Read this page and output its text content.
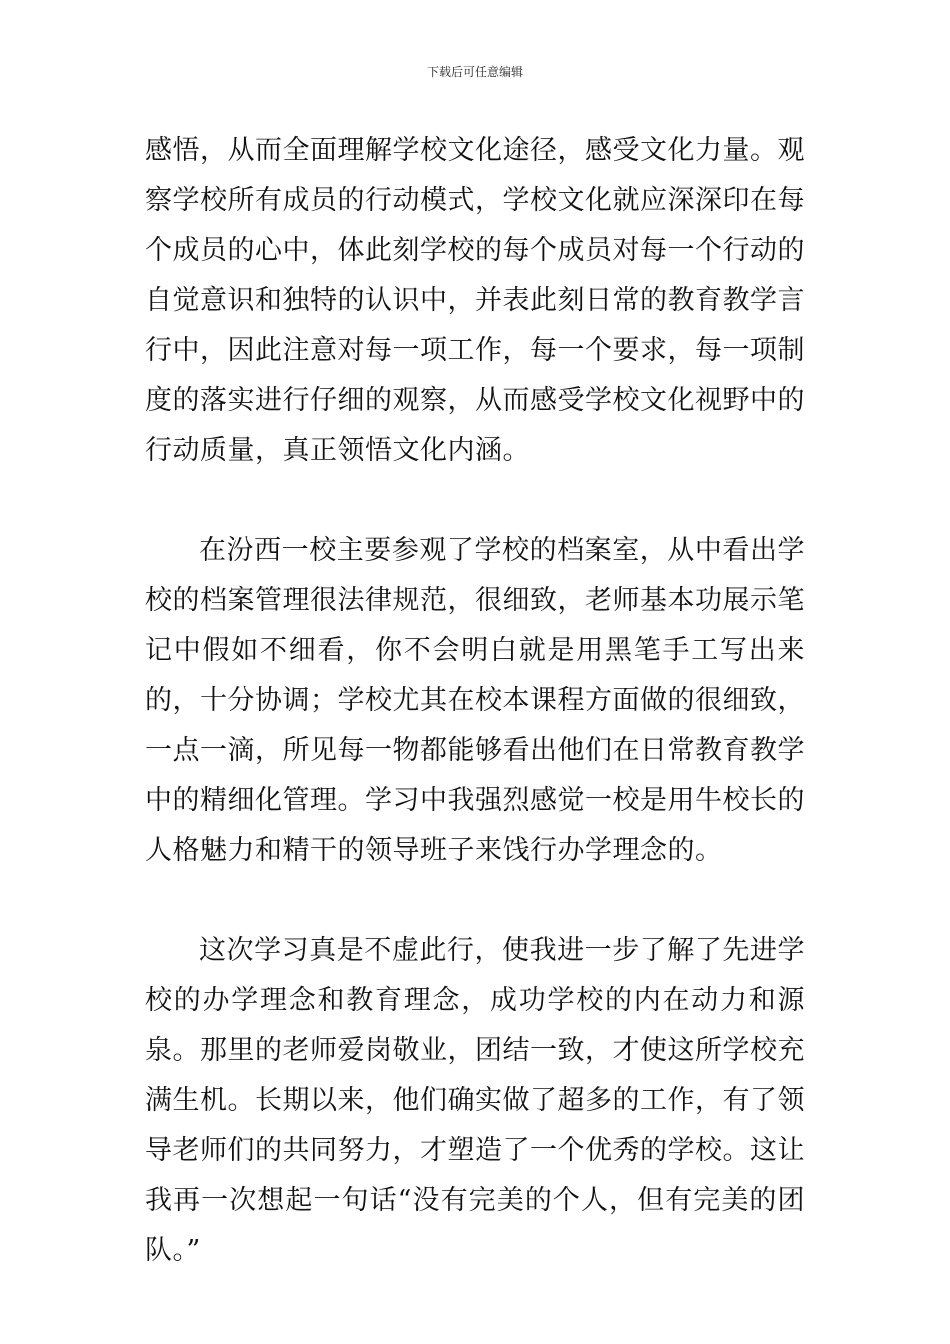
下载后可任意编辑

感悟，从而全面理解学校文化途径，感受文化力量。观察学校所有成员的行动模式，学校文化就应深深印在每个成员的心中，体此刻学校的每个成员对每一个行动的自觉意识和独特的认识中，并表此刻日常的教育教学言行中，因此注意对每一项工作，每一个要求，每一项制度的落实进行仔细的观察，从而感受学校文化视野中的行动质量，真正领悟文化内涵。

在汾西一校主要参观了学校的档案室，从中看出学校的档案管理很法律规范，很细致，老师基本功展示笔记中假如不细看，你不会明白就是用黑笔手工写出来的，十分协调；学校尤其在校本课程方面做的很细致，一点一滴，所见每一物都能够看出他们在日常教育教学中的精细化管理。学习中我强烈感觉一校是用牛校长的人格魅力和精干的领导班子来饯行办学理念的。

这次学习真是不虚此行，使我进一步了解了先进学校的办学理念和教育理念，成功学校的内在动力和源泉。那里的老师爱岗敬业，团结一致，才使这所学校充满生机。长期以来，他们确实做了超多的工作，有了领导老师们的共同努力，才塑造了一个优秀的学校。这让我再一次想起一句话“没有完美的个人，但有完美的团队。”
